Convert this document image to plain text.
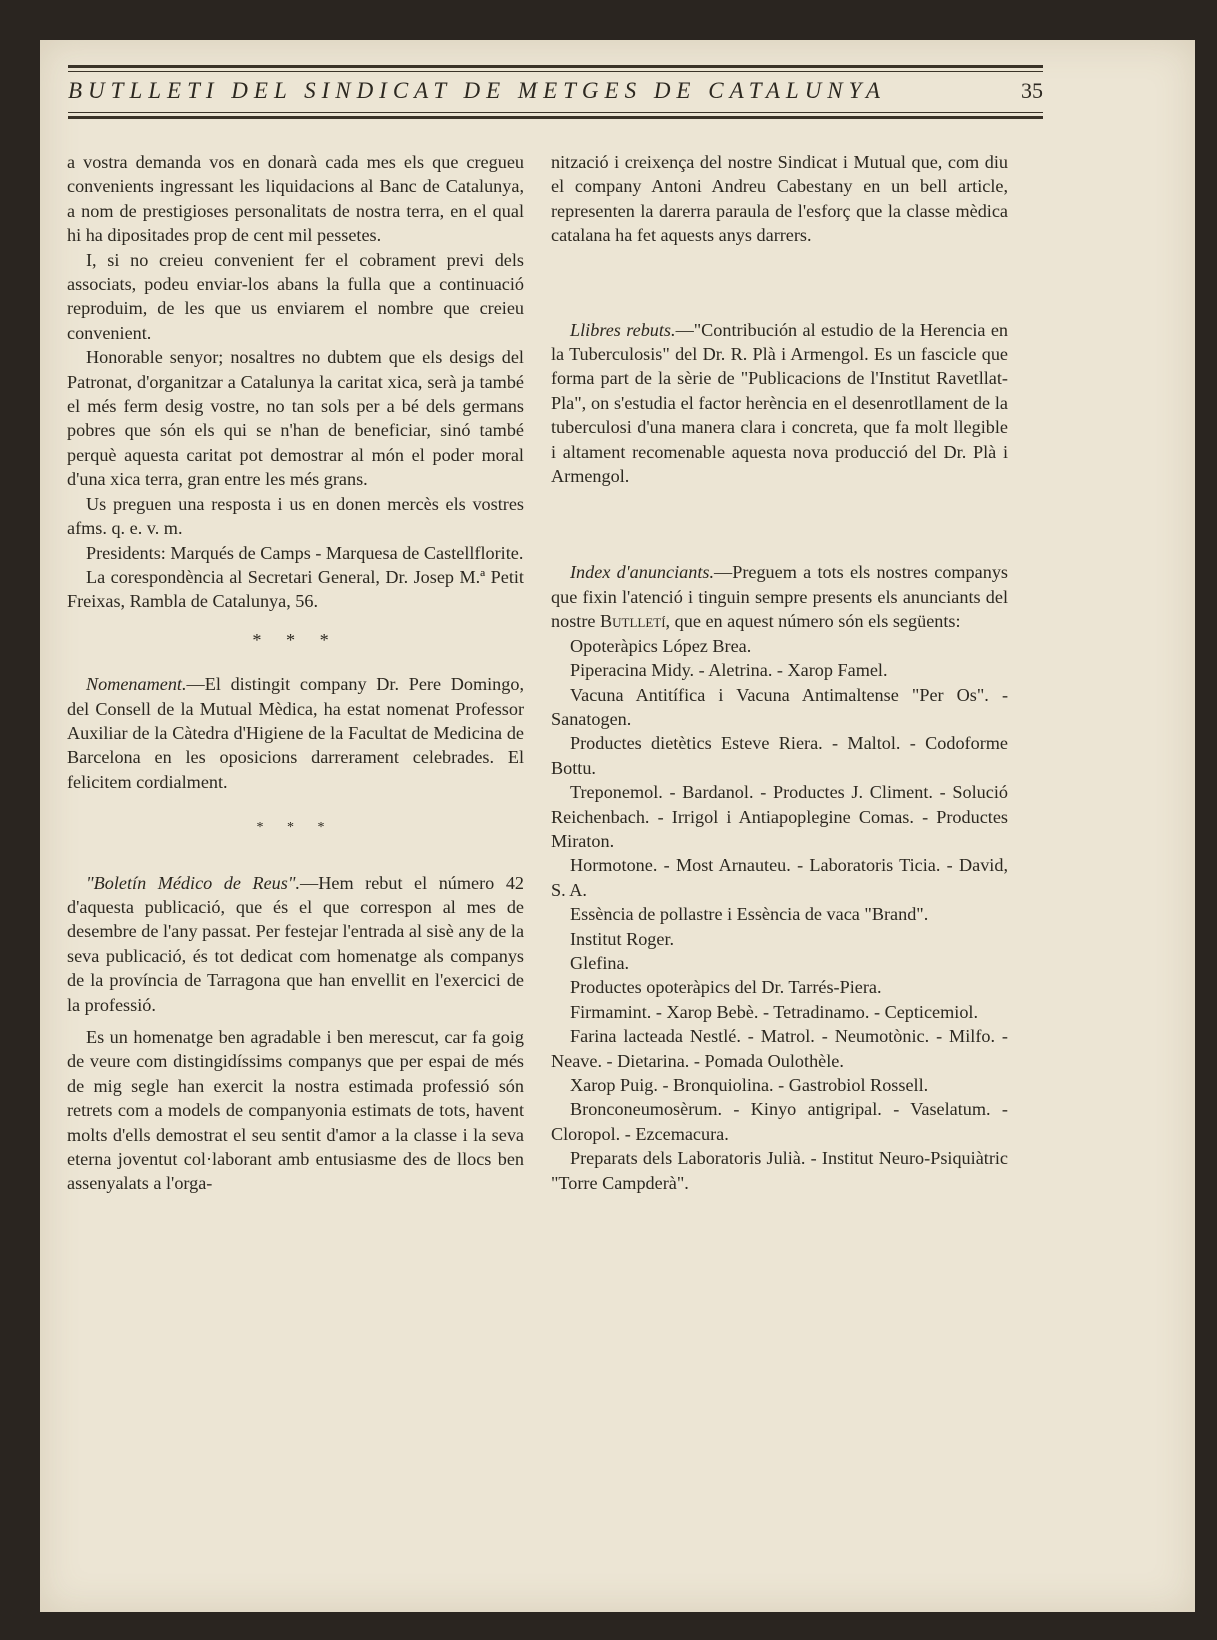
BUTLLETI DEL SINDICAT DE METGES DE CATALUNYA	35

a vostra demanda vos en donarà cada mes els que cregueu convenients ingressant les liquidacions al Banc de Catalunya, a nom de prestigioses personalitats de nostra terra, en el qual hi ha dipositades prop de cent mil pessetes.

I, si no creieu convenient fer el cobrament previ dels associats, podeu enviar-los abans la fulla que a continuació reproduim, de les que us enviarem el nombre que creieu convenient.

Honorable senyor; nosaltres no dubtem que els desigs del Patronat, d'organitzar a Catalunya la caritat xica, serà ja també el més ferm desig vostre, no tan sols per a bé dels germans pobres que són els qui se n'han de beneficiar, sinó també perquè aquesta caritat pot demostrar al món el poder moral d'una xica terra, gran entre les més grans.

Us preguen una resposta i us en donen mercès els vostres afms. q. e. v. m.

Presidents: Marqués de Camps - Marquesa de Castellflorite.

La corespondència al Secretari General, Dr. Josep M.ª Petit Freixas, Rambla de Catalunya, 56.

* * *

Nomenament.—El distingit company Dr. Pere Domingo, del Consell de la Mutual Mèdica, ha estat nomenat Professor Auxiliar de la Càtedra d'Higiene de la Facultat de Medicina de Barcelona en les oposicions darrerament celebrades. El felicitem cordialment.

* * *

"Boletín Médico de Reus".—Hem rebut el número 42 d'aquesta publicació, que és el que correspon al mes de desembre de l'any passat. Per festejar l'entrada al sisè any de la seva publicació, és tot dedicat com homenatge als companys de la província de Tarragona que han envellit en l'exercici de la professió.

Es un homenatge ben agradable i ben merescut, car fa goig de veure com distingidíssims companys que per espai de més de mig segle han exercit la nostra estimada professió són retrets com a models de companyonia estimats de tots, havent molts d'ells demostrat el seu sentit d'amor a la classe i la seva eterna joventut col·laborant amb entusiasme des de llocs ben assenyalats a l'orga-

nització i creixença del nostre Sindicat i Mutual que, com diu el company Antoni Andreu Cabestany en un bell article, representen la darerra paraula de l'esforç que la classe mèdica catalana ha fet aquests anys darrers.

Llibres rebuts.—"Contribución al estudio de la Herencia en la Tuberculosis" del Dr. R. Plà i Armengol. Es un fascicle que forma part de la sèrie de "Publicacions de l'Institut Ravetllat-Pla", on s'estudia el factor herència en el desenrotllament de la tuberculosi d'una manera clara i concreta, que fa molt llegible i altament recomenable aquesta nova producció del Dr. Plà i Armengol.

Index d'anunciants.—Preguem a tots els nostres companys que fixin l'atenció i tinguin sempre presents els anunciants del nostre Butlletí, que en aquest número són els següents:

Opoteràpics López Brea.

Piperacina Midy. - Aletrina. - Xarop Famel.

Vacuna Antitífica i Vacuna Antimaltense "Per Os". - Sanatogen.

Productes dietètics Esteve Riera. - Maltol. - Codoforme Bottu.

Treponemol. - Bardanol. - Productes J. Climent. - Solució Reichenbach. - Irrigol i Antiapoplegine Comas. - Productes Miraton.

Hormotone. - Most Arnauteu. - Laboratoris Ticia. - David, S. A.

Essència de pollastre i Essència de vaca "Brand".

Institut Roger.

Glefina.

Productes opoteràpics del Dr. Tarrés-Piera.

Firmamint. - Xarop Bebè. - Tetradinamo. - Cepticemiol.

Farina lacteada Nestlé. - Matrol. - Neumotònic. - Milfo. - Neave. - Dietarina. - Pomada Oulothèle.

Xarop Puig. - Bronquiolina. - Gastrobiol Rossell.

Bronconeumosèrum. - Kinyo antigripal. - Vaselatum. - Cloropol. - Ezcemacura.

Preparats dels Laboratoris Julià. - Institut Neuro-Psiquiàtric "Torre Campderà".
